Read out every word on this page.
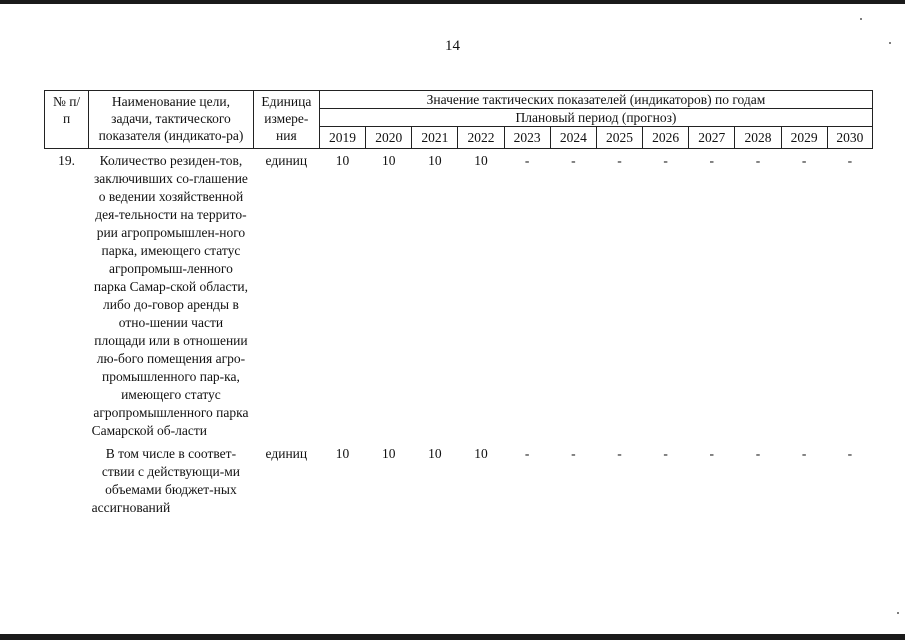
14
№ п/п	Наименование цели, задачи, тактического показателя (индикато-ра)	Единица измере-ния	Значение тактических показателей (индикаторов) по годам											
			Плановый период (прогноз)											
			2019	2020	2021	2022	2023	2024	2025	2026	2027	2028	2029	2030
19.	Количество резиден-тов, заключивших со-глашение о ведении хозяйственной дея-тельности на террито-рии агропромышлен-ного парка, имеющего статус агропромыш-ленного парка Самар-ской области, либо до-говор аренды в отно-шении части площади или в отношении лю-бого помещения агро-промышленного пар-ка, имеющего статус агропромышленного парка Самарской об-ласти	единиц	10	10	10	10	-	-	-	-	-	-	-	-
	В том числе в соответ-ствии с действующи-ми объемами бюджет-ных ассигнований	единиц	10	10	10	10	-	-	-	-	-	-	-	-
